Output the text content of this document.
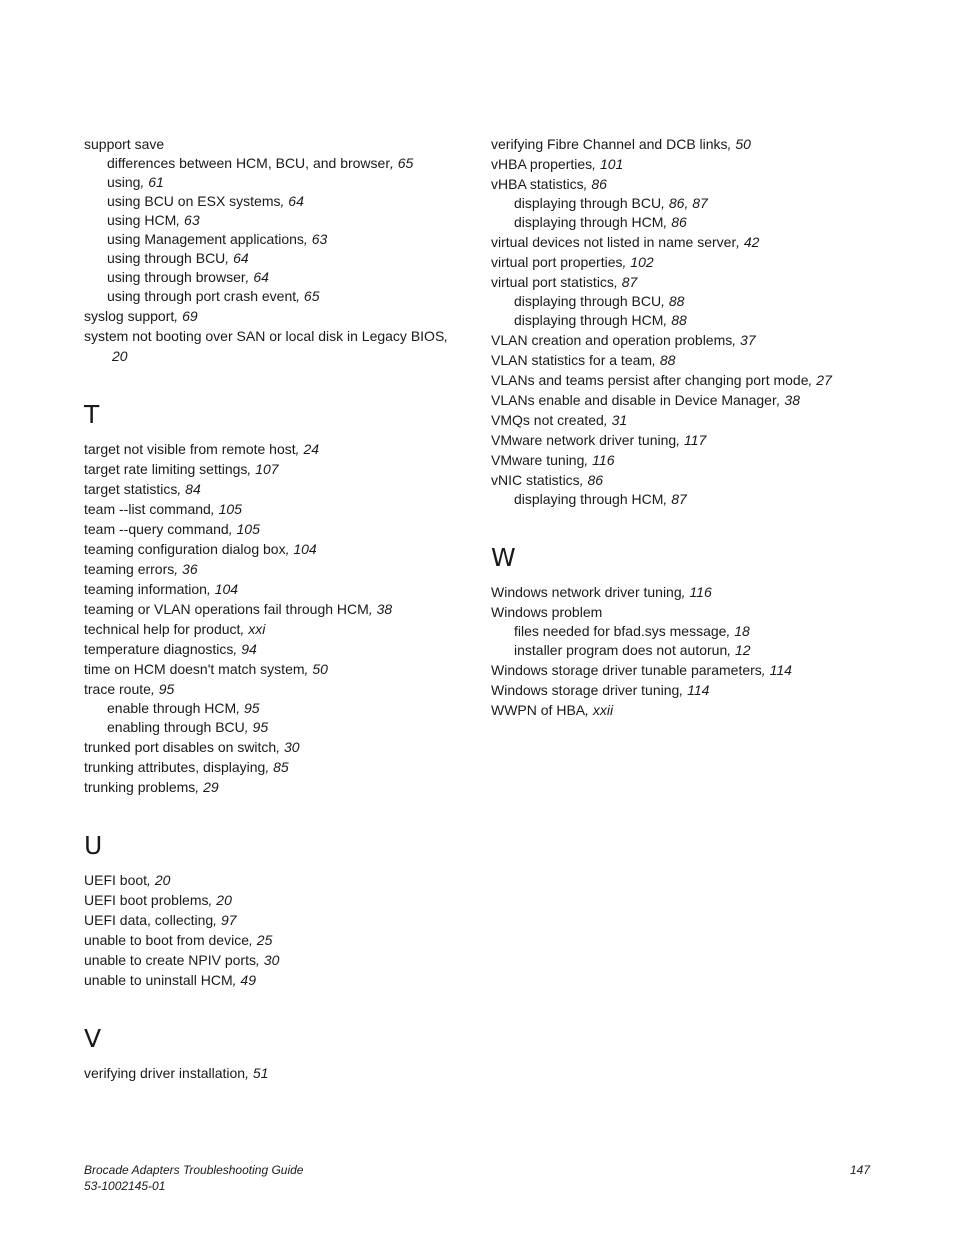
support save

differences between HCM, BCU, and browser, 65

using, 61

using BCU on ESX systems, 64

using HCM, 63

using Management applications, 63

using through BCU, 64

using through browser, 64

using through port crash event, 65

syslog support, 69

system not booting over SAN or local disk in Legacy BIOS,
20

T

target not visible from remote host, 24

target rate limiting settings, 107

target statistics, 84

team --list command, 105

team --query command, 105

teaming configuration dialog box, 104

teaming errors, 36

teaming information, 104

teaming or VLAN operations fail through HCM, 38

technical help for product, xxi

temperature diagnostics, 94

time on HCM doesn't match system, 50

trace route, 95

enable through HCM, 95

enabling through BCU, 95

trunked port disables on switch, 30

trunking attributes, displaying, 85

trunking problems, 29

U

UEFI boot, 20

UEFI boot problems, 20

UEFI data, collecting, 97

unable to boot from device, 25

unable to create NPIV ports, 30

unable to uninstall HCM, 49

V

verifying driver installation, 51

verifying Fibre Channel and DCB links, 50

vHBA properties, 101

vHBA statistics, 86

displaying through BCU, 86, 87

displaying through HCM, 86

virtual devices not listed in name server, 42

virtual port properties, 102

virtual port statistics, 87

displaying through BCU, 88

displaying through HCM, 88

VLAN creation and operation problems, 37

VLAN statistics for a team, 88

VLANs and teams persist after changing port mode, 27

VLANs enable and disable in Device Manager, 38

VMQs not created, 31

VMware network driver tuning, 117

VMware tuning, 116

vNIC statistics, 86

displaying through HCM, 87

W

Windows network driver tuning, 116

Windows problem

files needed for bfad.sys message, 18

installer program does not autorun, 12

Windows storage driver tunable parameters, 114

Windows storage driver tuning, 114

WWPN of HBA, xxii

Brocade Adapters Troubleshooting Guide
53-1002145-01
147
